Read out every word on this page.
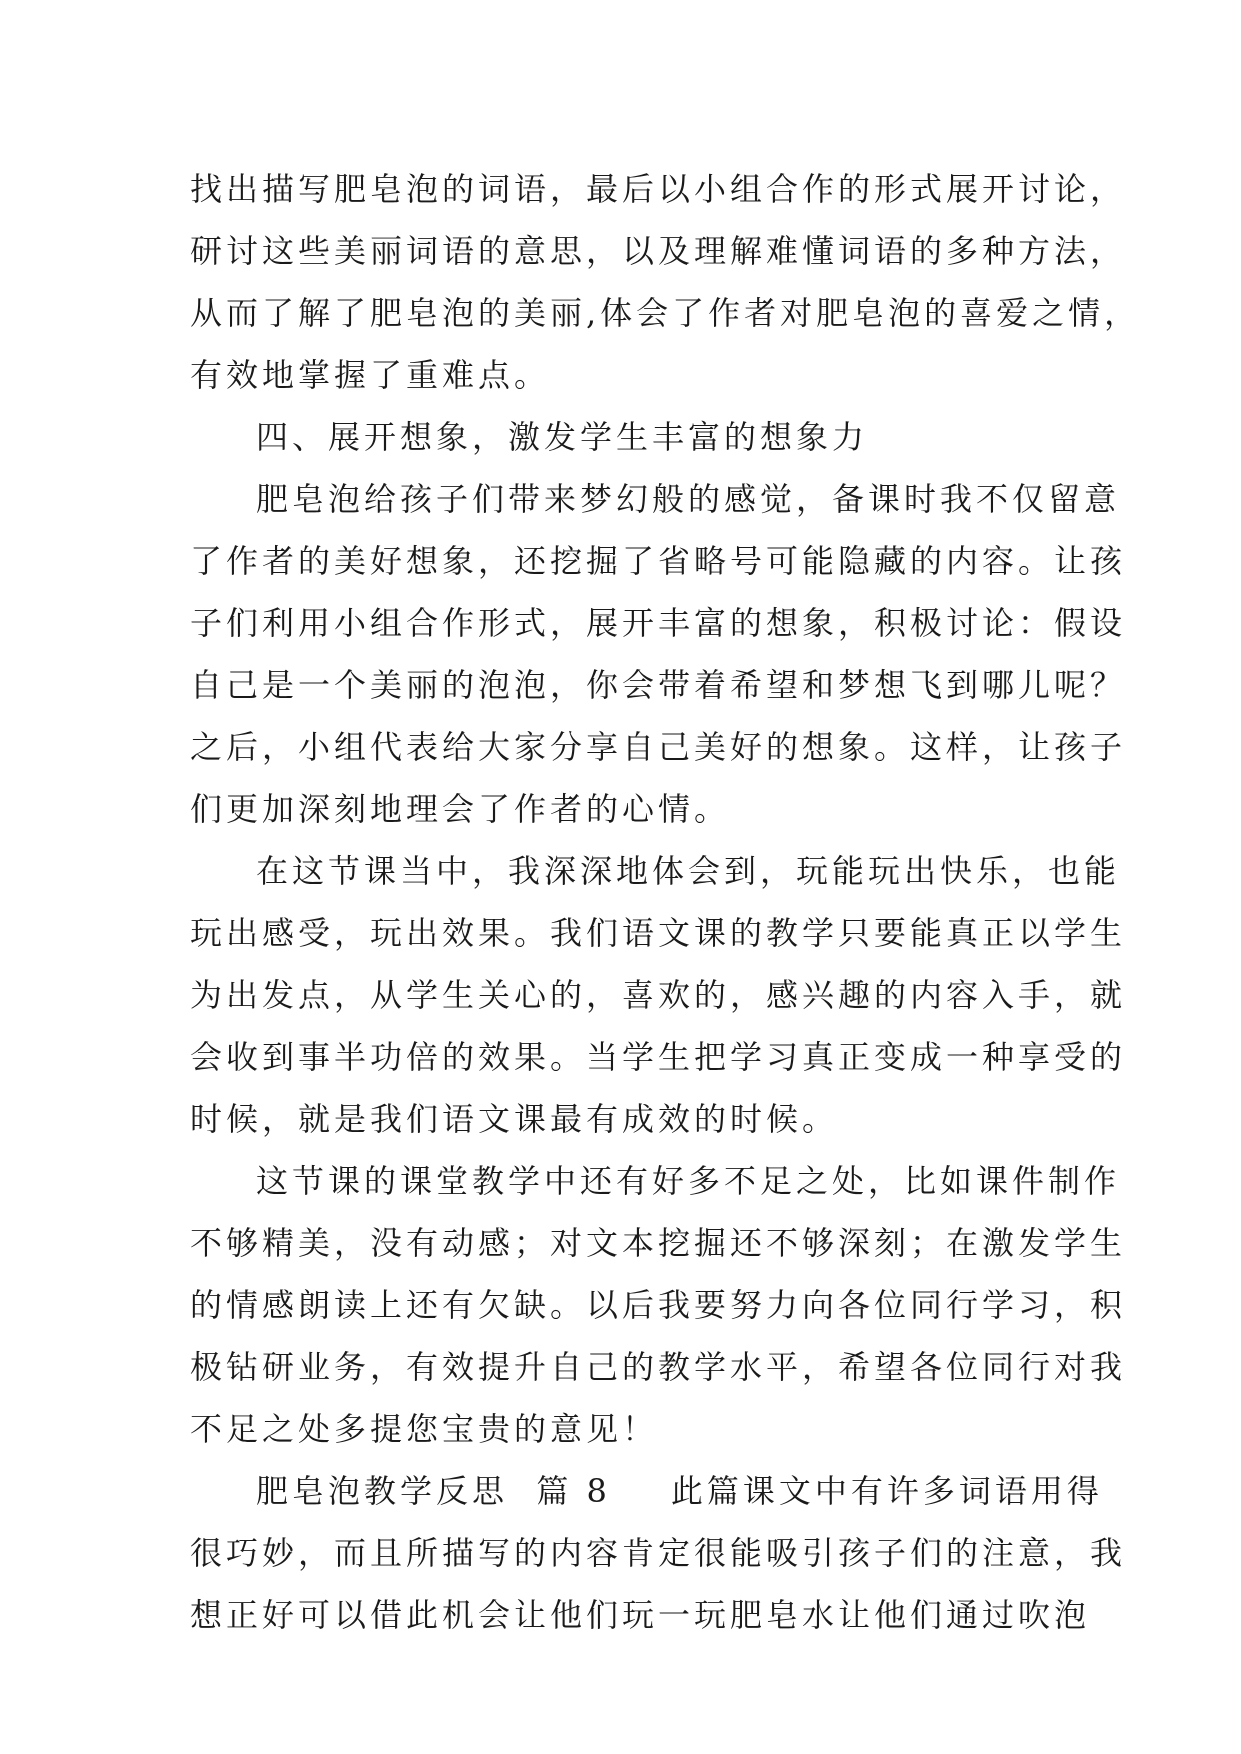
找出描写肥皂泡的词语，最后以小组合作的形式展开讨论，
研讨这些美丽词语的意思，以及理解难懂词语的多种方法，
从而了解了肥皂泡的美丽,体会了作者对肥皂泡的喜爱之情，
有效地掌握了重难点。
四、展开想象，激发学生丰富的想象力
肥皂泡给孩子们带来梦幻般的感觉，备课时我不仅留意
了作者的美好想象，还挖掘了省略号可能隐藏的内容。让孩
子们利用小组合作形式，展开丰富的想象，积极讨论：假设
自己是一个美丽的泡泡，你会带着希望和梦想飞到哪儿呢？
之后，小组代表给大家分享自己美好的想象。这样，让孩子
们更加深刻地理会了作者的心情。
在这节课当中，我深深地体会到，玩能玩出快乐，也能
玩出感受，玩出效果。我们语文课的教学只要能真正以学生
为出发点，从学生关心的，喜欢的，感兴趣的内容入手，就
会收到事半功倍的效果。当学生把学习真正变成一种享受的
时候，就是我们语文课最有成效的时候。
这节课的课堂教学中还有好多不足之处，比如课件制作
不够精美，没有动感；对文本挖掘还不够深刻；在激发学生
的情感朗读上还有欠缺。以后我要努力向各位同行学习，积
极钻研业务，有效提升自己的教学水平，希望各位同行对我
不足之处多提您宝贵的意见！
肥皂泡教学反思 篇 8 此篇课文中有许多词语用得
很巧妙，而且所描写的内容肯定很能吸引孩子们的注意，我
想正好可以借此机会让他们玩一玩肥皂水让他们通过吹泡
